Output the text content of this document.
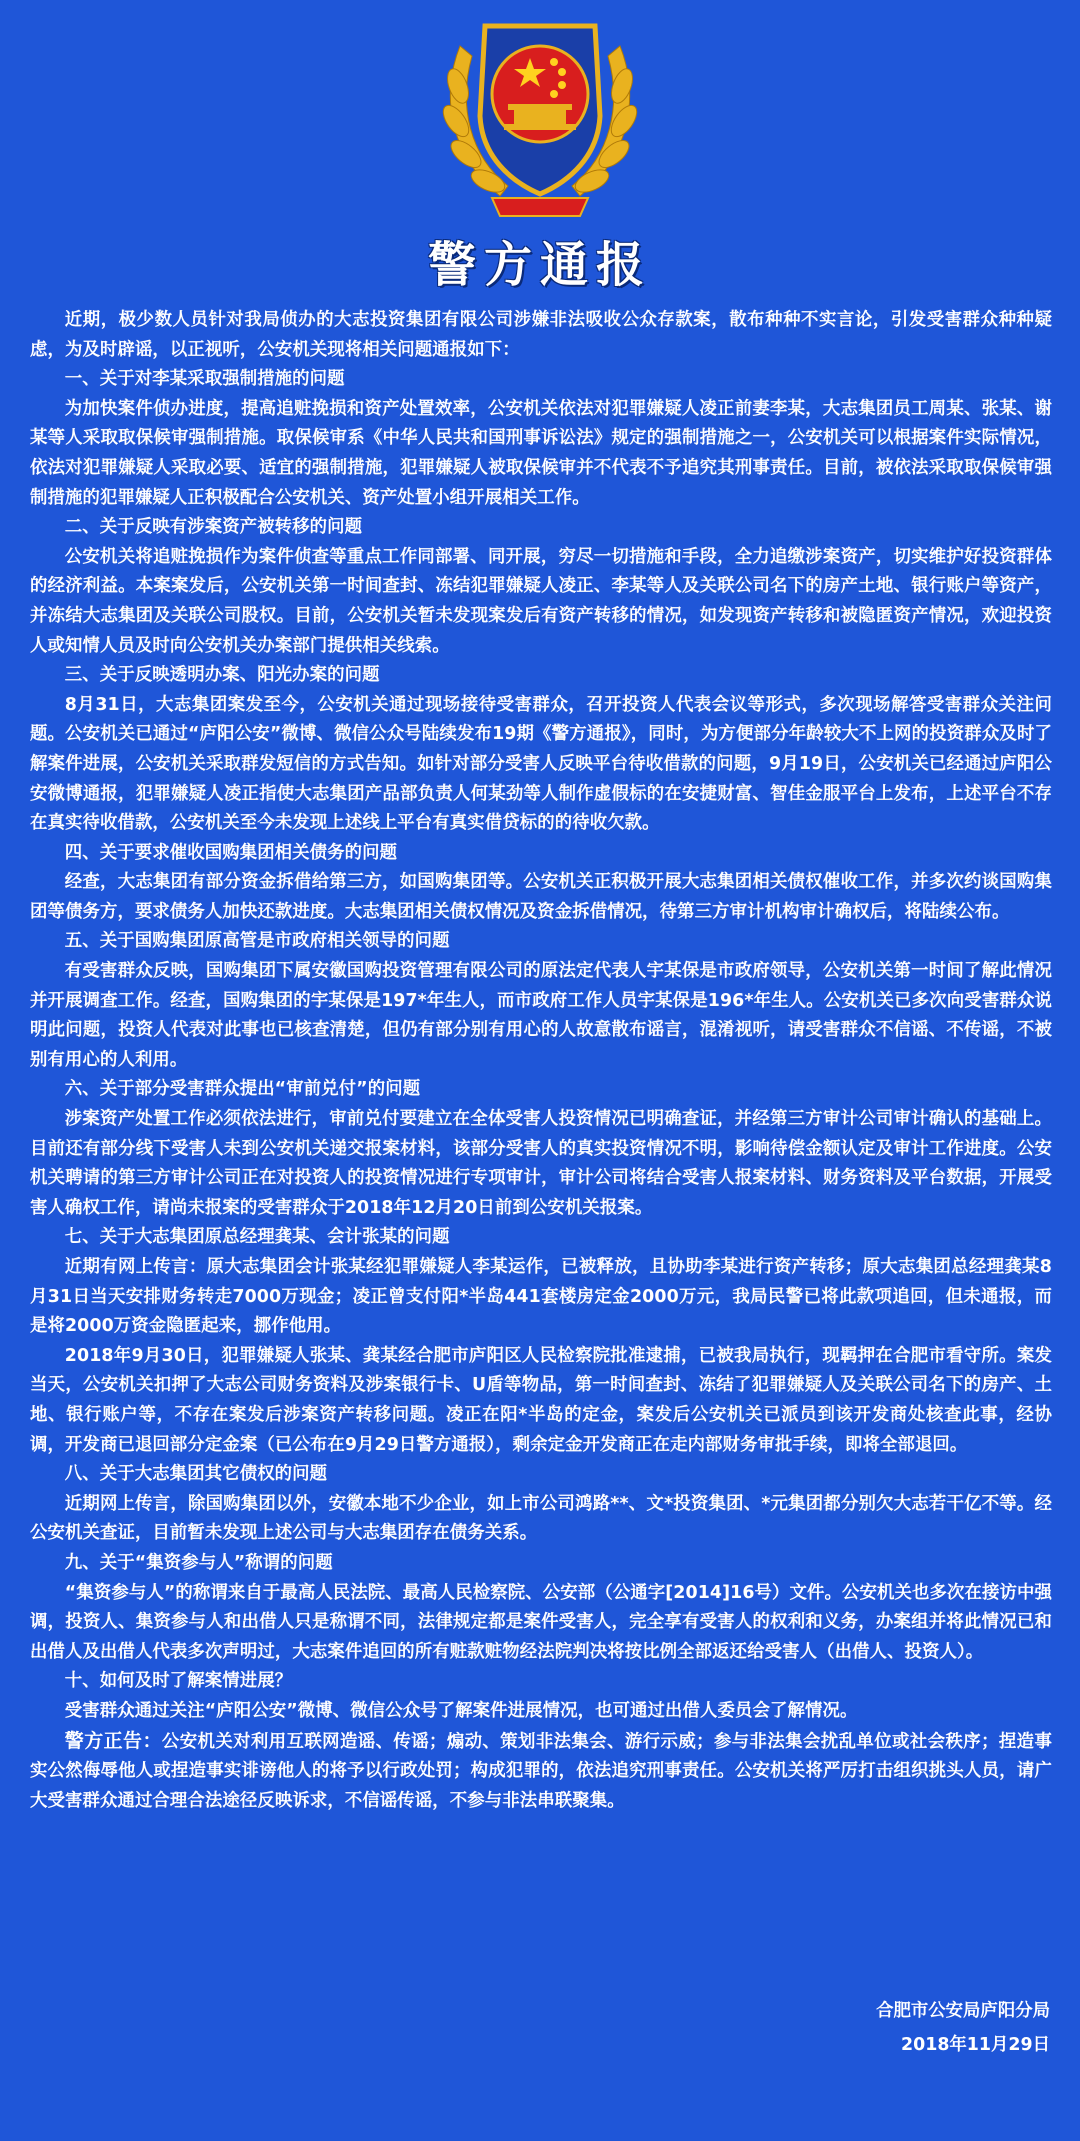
警方通报

近期，极少数人员针对我局侦办的大志投资集团有限公司涉嫌非法吸收公众存款案，散布种种不实言论，引发受害群众种种疑虑，为及时辟谣，以正视听，公安机关现将相关问题通报如下：

一、关于对李某采取强制措施的问题

为加快案件侦办进度，提高追赃挽损和资产处置效率，公安机关依法对犯罪嫌疑人凌正前妻李某，大志集团员工周某、张某、谢某等人采取取保候审强制措施。取保候审系《中华人民共和国刑事诉讼法》规定的强制措施之一，公安机关可以根据案件实际情况，依法对犯罪嫌疑人采取必要、适宜的强制措施，犯罪嫌疑人被取保候审并不代表不予追究其刑事责任。目前，被依法采取取保候审强制措施的犯罪嫌疑人正积极配合公安机关、资产处置小组开展相关工作。

二、关于反映有涉案资产被转移的问题

公安机关将追赃挽损作为案件侦查等重点工作同部署、同开展，穷尽一切措施和手段，全力追缴涉案资产，切实维护好投资群体的经济利益。本案案发后，公安机关第一时间查封、冻结犯罪嫌疑人凌正、李某等人及关联公司名下的房产土地、银行账户等资产，并冻结大志集团及关联公司股权。目前，公安机关暂未发现案发后有资产转移的情况，如发现资产转移和被隐匿资产情况，欢迎投资人或知情人员及时向公安机关办案部门提供相关线索。

三、关于反映透明办案、阳光办案的问题

8月31日，大志集团案发至今，公安机关通过现场接待受害群众，召开投资人代表会议等形式，多次现场解答受害群众关注问题。公安机关已通过“庐阳公安”微博、微信公众号陆续发布19期《警方通报》，同时，为方便部分年龄较大不上网的投资群众及时了解案件进展，公安机关采取群发短信的方式告知。如针对部分受害人反映平台待收借款的问题，9月19日，公安机关已经通过庐阳公安微博通报，犯罪嫌疑人凌正指使大志集团产品部负责人何某劲等人制作虚假标的在安捷财富、智佳金服平台上发布，上述平台不存在真实待收借款，公安机关至今未发现上述线上平台有真实借贷标的的待收欠款。

四、关于要求催收国购集团相关债务的问题

经查，大志集团有部分资金拆借给第三方，如国购集团等。公安机关正积极开展大志集团相关债权催收工作，并多次约谈国购集团等债务方，要求债务人加快还款进度。大志集团相关债权情况及资金拆借情况，待第三方审计机构审计确权后，将陆续公布。

五、关于国购集团原高管是市政府相关领导的问题

有受害群众反映，国购集团下属安徽国购投资管理有限公司的原法定代表人宇某保是市政府领导，公安机关第一时间了解此情况并开展调查工作。经查，国购集团的宇某保是197*年生人，而市政府工作人员宇某保是196*年生人。公安机关已多次向受害群众说明此问题，投资人代表对此事也已核查清楚，但仍有部分别有用心的人故意散布谣言，混淆视听，请受害群众不信谣、不传谣，不被别有用心的人利用。

六、关于部分受害群众提出“审前兑付”的问题

涉案资产处置工作必须依法进行，审前兑付要建立在全体受害人投资情况已明确查证，并经第三方审计公司审计确认的基础上。目前还有部分线下受害人未到公安机关递交报案材料，该部分受害人的真实投资情况不明，影响待偿金额认定及审计工作进度。公安机关聘请的第三方审计公司正在对投资人的投资情况进行专项审计，审计公司将结合受害人报案材料、财务资料及平台数据，开展受害人确权工作，请尚未报案的受害群众于2018年12月20日前到公安机关报案。

七、关于大志集团原总经理龚某、会计张某的问题

近期有网上传言：原大志集团会计张某经犯罪嫌疑人李某运作，已被释放，且协助李某进行资产转移；原大志集团总经理龚某8月31日当天安排财务转走7000万现金；凌正曾支付阳*半岛441套楼房定金2000万元，我局民警已将此款项追回，但未通报，而是将2000万资金隐匿起来，挪作他用。

2018年9月30日，犯罪嫌疑人张某、龚某经合肥市庐阳区人民检察院批准逮捕，已被我局执行，现羁押在合肥市看守所。案发当天，公安机关扣押了大志公司财务资料及涉案银行卡、U盾等物品，第一时间查封、冻结了犯罪嫌疑人及关联公司名下的房产、土地、银行账户等，不存在案发后涉案资产转移问题。凌正在阳*半岛的定金，案发后公安机关已派员到该开发商处核查此事，经协调，开发商已退回部分定金案（已公布在9月29日警方通报），剩余定金开发商正在走内部财务审批手续，即将全部退回。

八、关于大志集团其它债权的问题

近期网上传言，除国购集团以外，安徽本地不少企业，如上市公司鸿路**、文*投资集团、*元集团都分别欠大志若干亿不等。经公安机关查证，目前暂未发现上述公司与大志集团存在债务关系。

九、关于“集资参与人”称谓的问题

“集资参与人”的称谓来自于最高人民法院、最高人民检察院、公安部（公通字[2014]16号）文件。公安机关也多次在接访中强调，投资人、集资参与人和出借人只是称谓不同，法律规定都是案件受害人，完全享有受害人的权利和义务，办案组并将此情况已和出借人及出借人代表多次声明过，大志案件追回的所有赃款赃物经法院判决将按比例全部返还给受害人（出借人、投资人）。

十、如何及时了解案情进展？

受害群众通过关注“庐阳公安”微博、微信公众号了解案件进展情况，也可通过出借人委员会了解情况。

警方正告：公安机关对利用互联网造谣、传谣；煽动、策划非法集会、游行示威；参与非法集会扰乱单位或社会秩序；捏造事实公然侮辱他人或捏造事实诽谤他人的将予以行政处罚；构成犯罪的，依法追究刑事责任。公安机关将严厉打击组织挑头人员，请广大受害群众通过合理合法途径反映诉求，不信谣传谣，不参与非法串联聚集。

合肥市公安局庐阳分局
2018年11月29日
